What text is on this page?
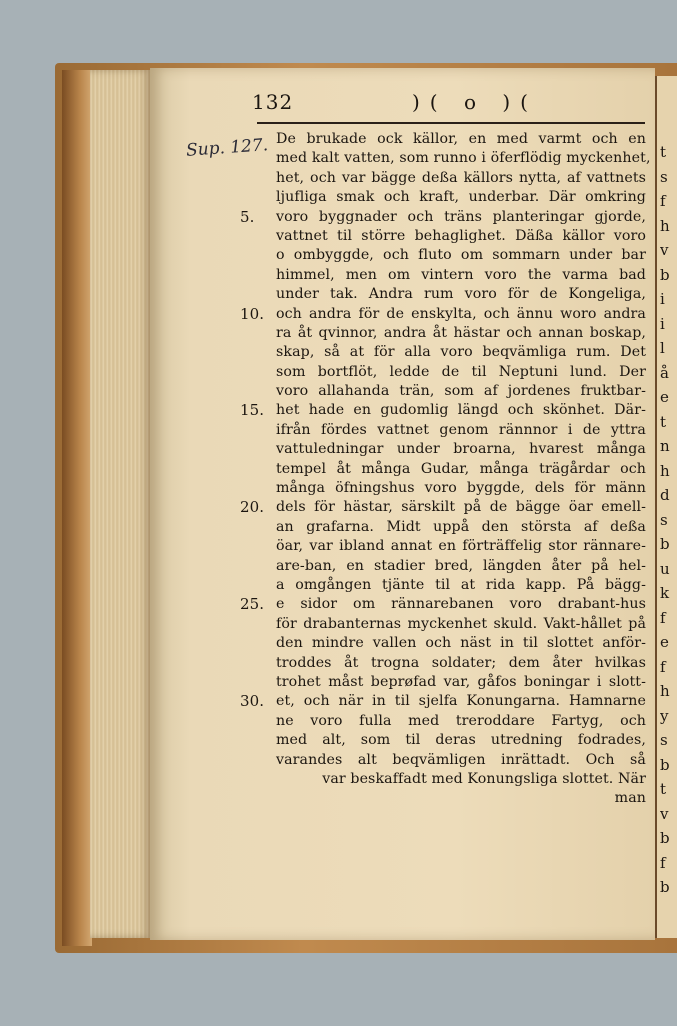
t
s
f
h
v
b
i
i
l
å
e
t
n
h
d
s
b
u
k
f
e
f
h
y
s
b
t
v
b
f
b
132	)( o )(
Sup. 127. De brukade ock källor, en med varmt och en
med kalt vatten, som runno i öferflödig myckenhet,
het, och var bägge deßa källors nytta, af vattnets
ljufliga smak och kraft, underbar. Där omkring
5. voro byggnader och träns planteringar gjorde,
vattnet til större behaglighet. Däßa källor voro
o ombyggde, och fluto om sommarn under bar
himmel, men om vintern voro the varma bad
under tak. Andra rum voro för de Kongeliga,
10. och andra för de enskylta, och ännu woro andra
ra åt qvinnor, andra åt hästar och annan boskap,
skap, så at för alla voro beqvämliga rum. Det
som bortflöt, ledde de til Neptuni lund. Der
voro allahanda trän, som af jordenes fruktbar-
15. het hade en gudomlig längd och skönhet. Där-
ifrån fördes vattnet genom rännnor i de yttra
vattuledningar under broarna, hvarest många
tempel åt många Gudar, många trägårdar och
många öfningshus voro byggde, dels för männ
20. dels för hästar, särskilt på de bägge öar emell-
an grafarna. Midt uppå den största af deßa
öar, var ibland annat en förträffelig stor rännare-
are-ban, en stadier bred, längden åter på hel-
a omgången tjänte til at rida kapp. På bägg-
25. e sidor om rännarebanen voro drabant-hus
för drabanternas myckenhet skuld. Vakt-hållet på
den mindre vallen och näst in til slottet anför-
troddes åt trogna soldater; dem åter hvilkas
trohet måst beprøfad var, gåfos boningar i slott-
30. et, och när in til sjelfa Konungarna. Hamnarne
ne voro fulla med treroddare Fartyg, och
med alt, som til deras utredning fodrades,
varandes alt beqvämligen inrättadt. Och så
var beskaffadt med Konungsliga slottet. När
man
